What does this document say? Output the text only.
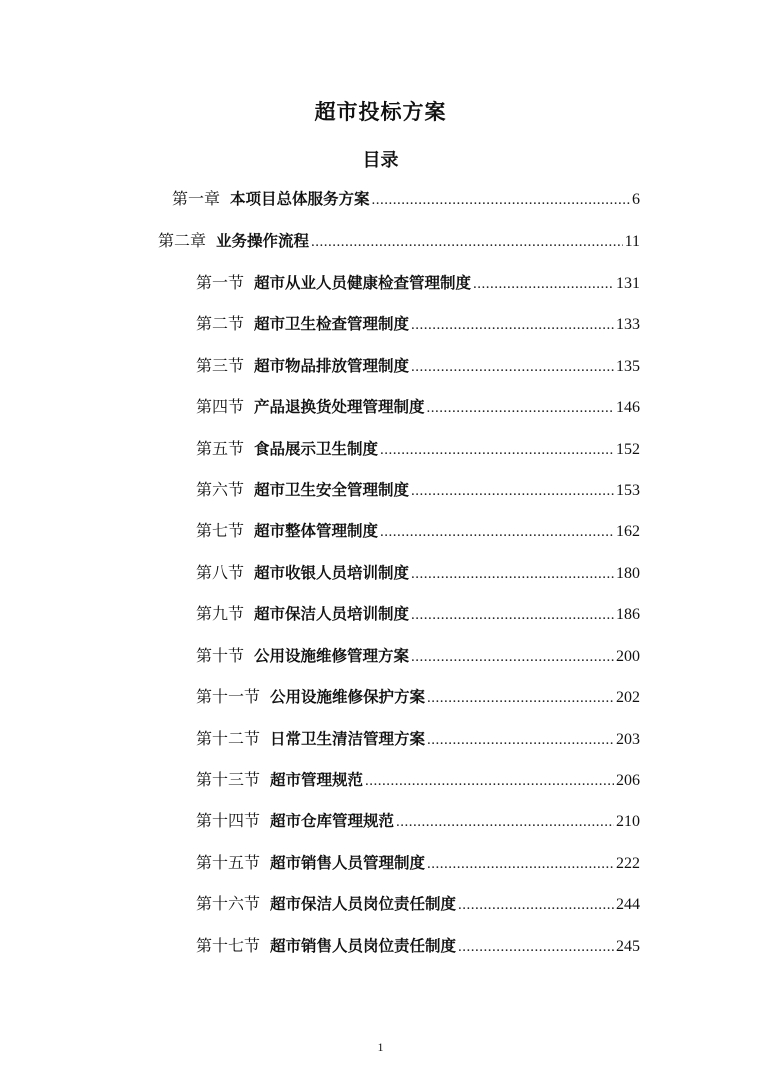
超市投标方案
目录
第一章 本项目总体服务方案 .....	6
第二章 业务操作流程 .....	11
第一节 超市从业人员健康检查管理制度 .....	131
第二节 超市卫生检查管理制度 .....	133
第三节 超市物品排放管理制度 .....	135
第四节 产品退换货处理管理制度 .....	146
第五节 食品展示卫生制度 .....	152
第六节 超市卫生安全管理制度 .....	153
第七节 超市整体管理制度 .....	162
第八节 超市收银人员培训制度 .....	180
第九节 超市保洁人员培训制度 .....	186
第十节 公用设施维修管理方案 .....	200
第十一节 公用设施维修保护方案 .....	202
第十二节 日常卫生清洁管理方案 .....	203
第十三节 超市管理规范 .....	206
第十四节 超市仓库管理规范 .....	210
第十五节 超市销售人员管理制度 .....	222
第十六节 超市保洁人员岗位责任制度 .....	244
第十七节 超市销售人员岗位责任制度 .....	245
1
